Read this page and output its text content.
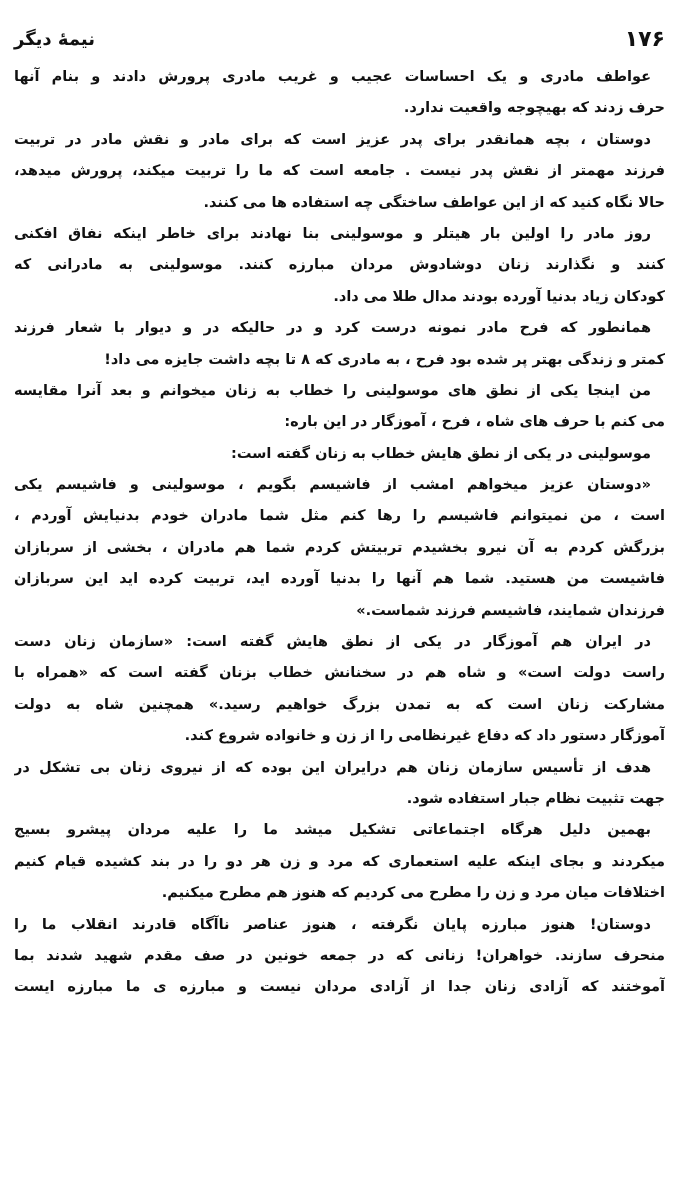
۱۷۶
نیمهٔ دیگر
عواطف مادری و یک احساسات عجیب و غریب مادری پرورش دادند و بنام آنها
حرف زدند که بهیچوجه واقعیت ندارد.
دوستان ، بچه همانقدر برای پدر عزیز است که برای مادر و نقش مادر در تربیت
فرزند مهمتر از نقش پدر نیست . جامعه است که ما را تربیت میکند، پرورش میدهد،
حالا نگاه کنید که از این عواطف ساختگی چه استفاده ها می کنند.
روز مادر را اولین بار هیتلر و موسولینی بنا نهادند برای خاطر اینکه نفاق افکنی
کنند و نگذارند زنان دوشادوش مردان مبارزه کنند. موسولینی به مادرانی که
کودکان زیاد بدنیا آورده بودند مدال طلا می داد.
همانطور که فرح مادر نمونه درست کرد و در حالیکه در و دیوار با شعار فرزند
کمتر و زندگی بهتر پر شده بود فرح ، به مادری که ۸ تا بچه داشت جایزه می داد!
من اینجا یکی از نطق های موسولینی را خطاب به زنان میخوانم و بعد آنرا مقایسه
می کنم با حرف های شاه ، فرح ، آموزگار در این باره:
موسولینی در یکی از نطق هایش خطاب به زنان گفته است:
«دوستان عزیز میخواهم امشب از فاشیسم بگویم ، موسولینی و فاشیسم یکی
است ، من نمیتوانم فاشیسم را رها کنم مثل شما مادران خودم بدنیایش آوردم ،
بزرگش کردم به آن نیرو بخشیدم تربیتش کردم شما هم مادران ، بخشی از سربازان
فاشیست من هستید. شما هم آنها را بدنیا آورده اید، تربیت کرده اید این سربازان
فرزندان شمایند، فاشیسم فرزند شماست.»
در ایران هم آموزگار در یکی از نطق هایش گفته است: «سازمان زنان دست
راست دولت است» و شاه هم در سخنانش خطاب بزنان گفته است که «همراه با
مشارکت زنان است که به تمدن بزرگ خواهیم رسید.» همچنین شاه به دولت
آموزگار دستور داد که دفاع غیرنظامی را از زن و خانواده شروع کند.
هدف از تأسیس سازمان زنان هم درایران این بوده که از نیروی زنان بی تشکل در
جهت تثبیت نظام جبار استفاده شود.
بهمین دلیل هرگاه اجتماعاتی تشکیل میشد ما را علیه مردان پیشرو بسیج
میکردند و بجای اینکه علیه استعماری که مرد و زن هر دو را در بند کشیده قیام کنیم
اختلافات میان مرد و زن را مطرح می کردیم که هنوز هم مطرح میکنیم.
دوستان! هنوز مبارزه پایان نگرفته ، هنوز عناصر ناآگاه قادرند انقلاب ما را
منحرف سازند. خواهران! زنانی که در جمعه خونین در صف مقدم شهید شدند بما
آموختند که آزادی زنان جدا از آزادی مردان نیست و مبارزه ی ما مبارزه ایست
